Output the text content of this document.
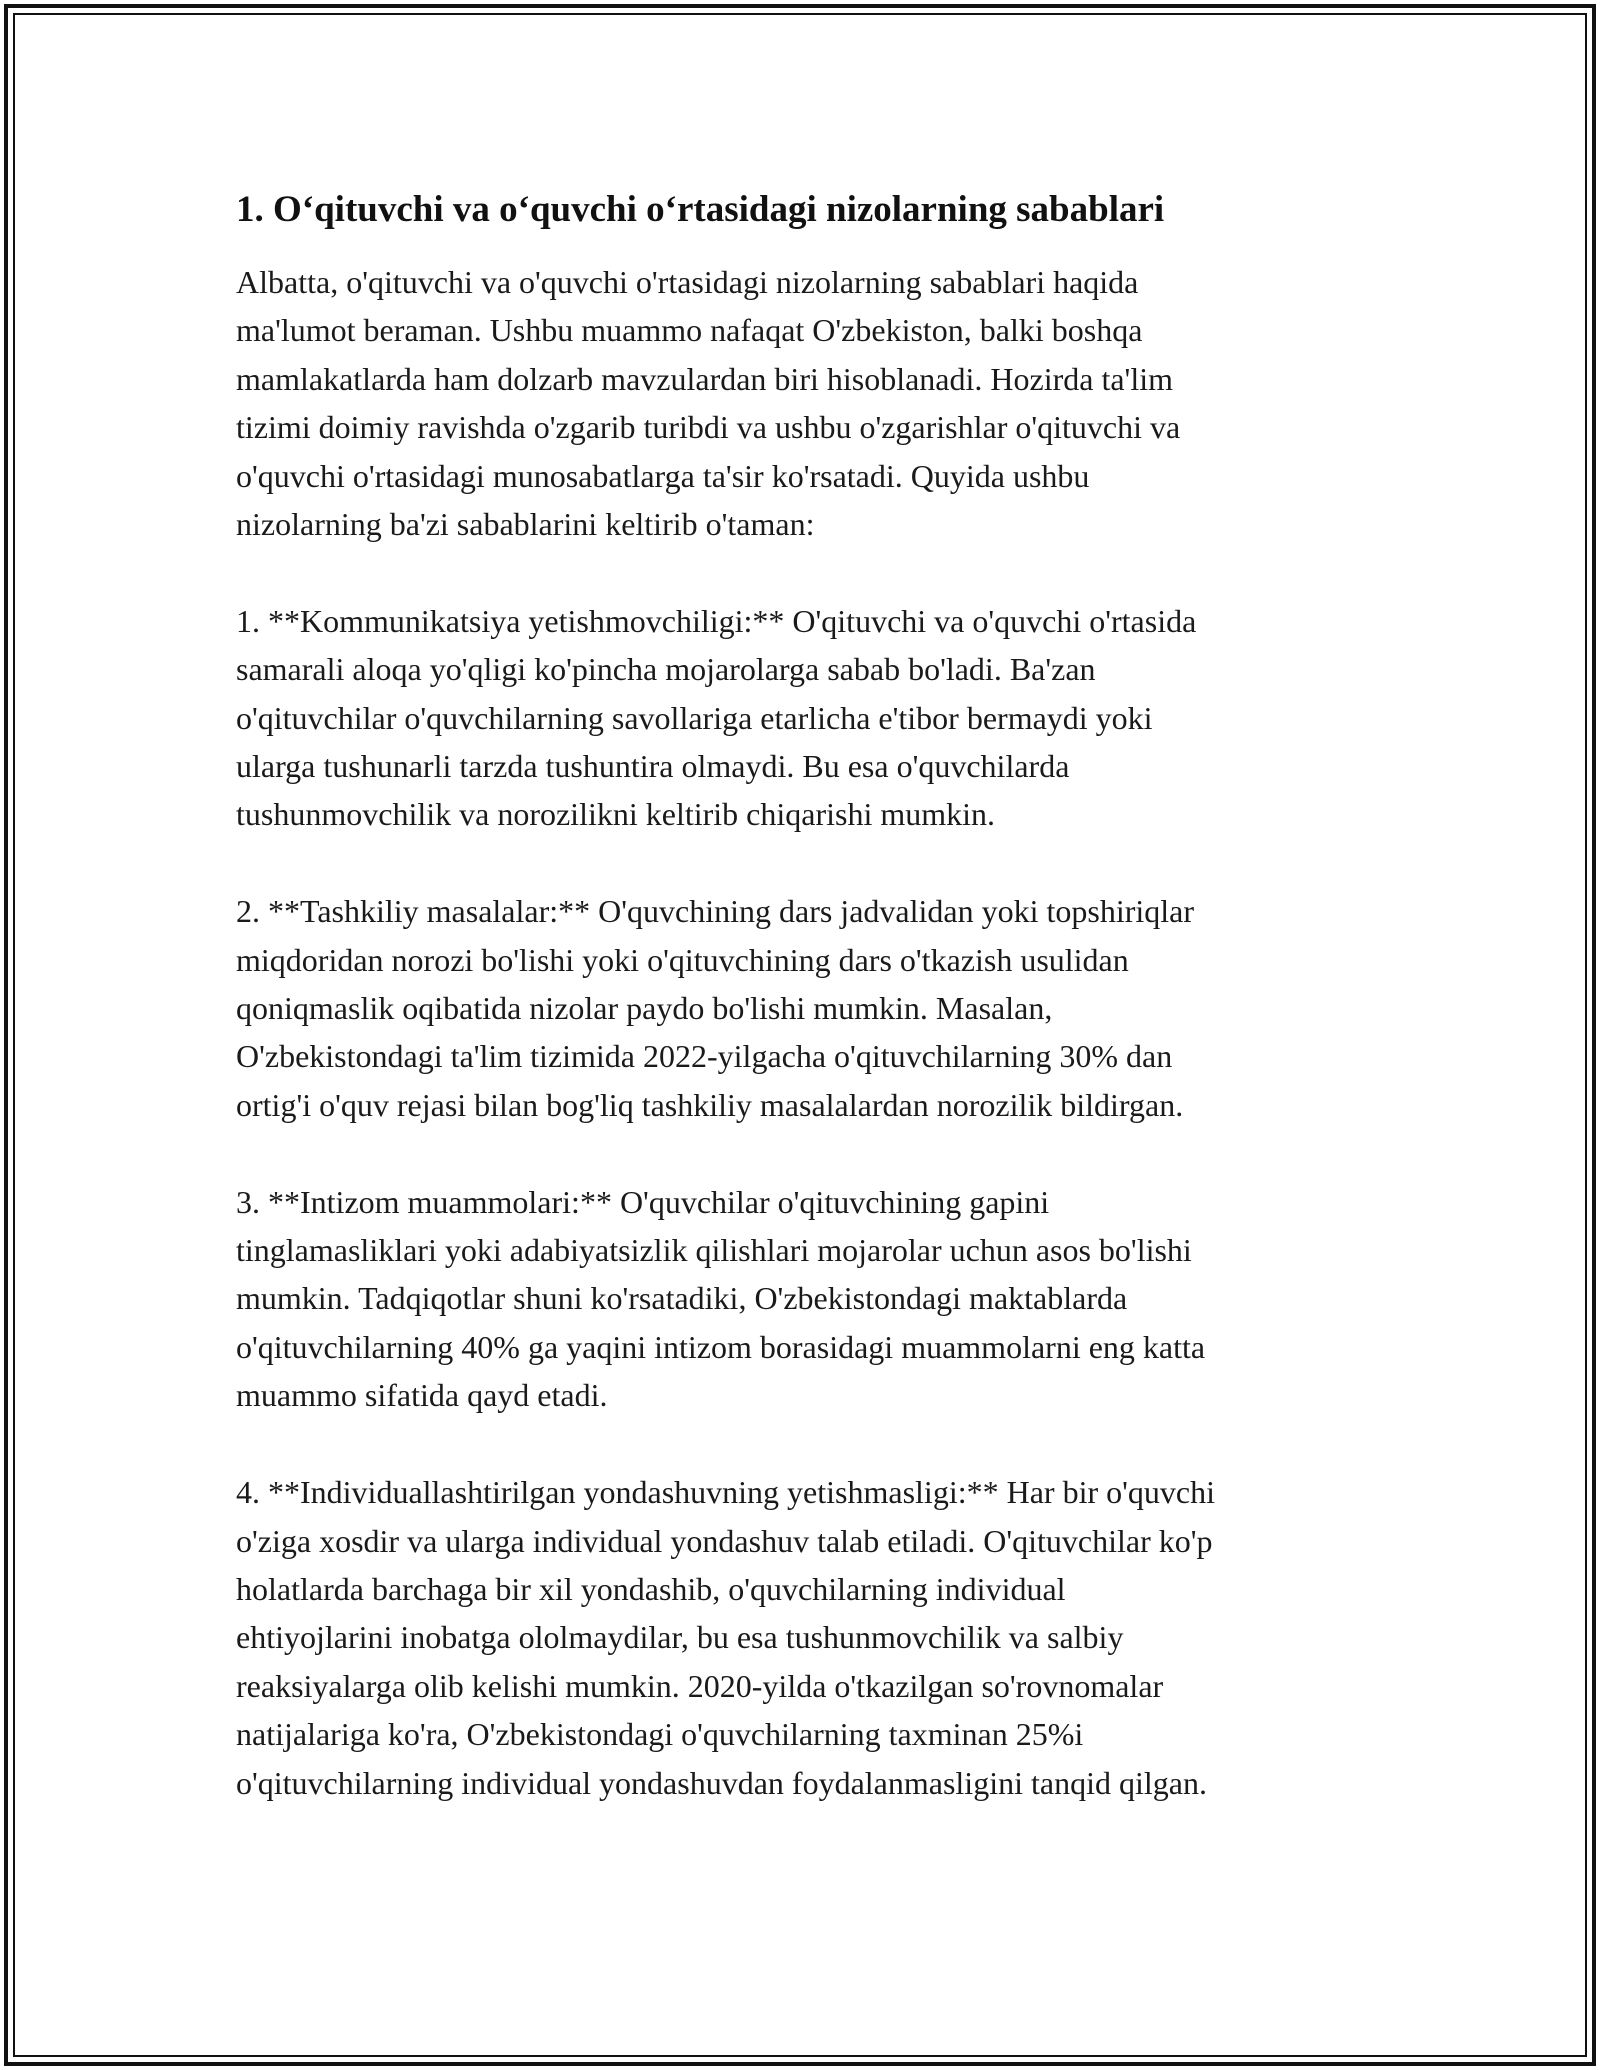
1. O‘qituvchi va o‘quvchi o‘rtasidagi nizolarning sabablari

Albatta, o'qituvchi va o'quvchi o'rtasidagi nizolarning sabablari haqida
ma'lumot beraman. Ushbu muammo nafaqat O'zbekiston, balki boshqa
mamlakatlarda ham dolzarb mavzulardan biri hisoblanadi. Hozirda ta'lim
tizimi doimiy ravishda o'zgarib turibdi va ushbu o'zgarishlar o'qituvchi va
o'quvchi o'rtasidagi munosabatlarga ta'sir ko'rsatadi. Quyida ushbu
nizolarning ba'zi sabablarini keltirib o'taman:

1. **Kommunikatsiya yetishmovchiligi:** O'qituvchi va o'quvchi o'rtasida
samarali aloqa yo'qligi ko'pincha mojarolarga sabab bo'ladi. Ba'zan
o'qituvchilar o'quvchilarning savollariga etarlicha e'tibor bermaydi yoki
ularga tushunarli tarzda tushuntira olmaydi. Bu esa o'quvchilarda
tushunmovchilik va norozilikni keltirib chiqarishi mumkin.

2. **Tashkiliy masalalar:** O'quvchining dars jadvalidan yoki topshiriqlar
miqdoridan norozi bo'lishi yoki o'qituvchining dars o'tkazish usulidan
qoniqmaslik oqibatida nizolar paydo bo'lishi mumkin. Masalan,
O'zbekistondagi ta'lim tizimida 2022-yilgacha o'qituvchilarning 30% dan
ortig'i o'quv rejasi bilan bog'liq tashkiliy masalalardan norozilik bildirgan.

3. **Intizom muammolari:** O'quvchilar o'qituvchining gapini
tinglamasliklari yoki adabiyatsizlik qilishlari mojarolar uchun asos bo'lishi
mumkin. Tadqiqotlar shuni ko'rsatadiki, O'zbekistondagi maktablarda
o'qituvchilarning 40% ga yaqini intizom borasidagi muammolarni eng katta
muammo sifatida qayd etadi.

4. **Individuallashtirilgan yondashuvning yetishmasligi:** Har bir o'quvchi
o'ziga xosdir va ularga individual yondashuv talab etiladi. O'qituvchilar ko'p
holatlarda barchaga bir xil yondashib, o'quvchilarning individual
ehtiyojlarini inobatga ololmaydilar, bu esa tushunmovchilik va salbiy
reaksiyalarga olib kelishi mumkin. 2020-yilda o'tkazilgan so'rovnomalar
natijalariga ko'ra, O'zbekistondagi o'quvchilarning taxminan 25%i
o'qituvchilarning individual yondashuvdan foydalanmasligini tanqid qilgan.
